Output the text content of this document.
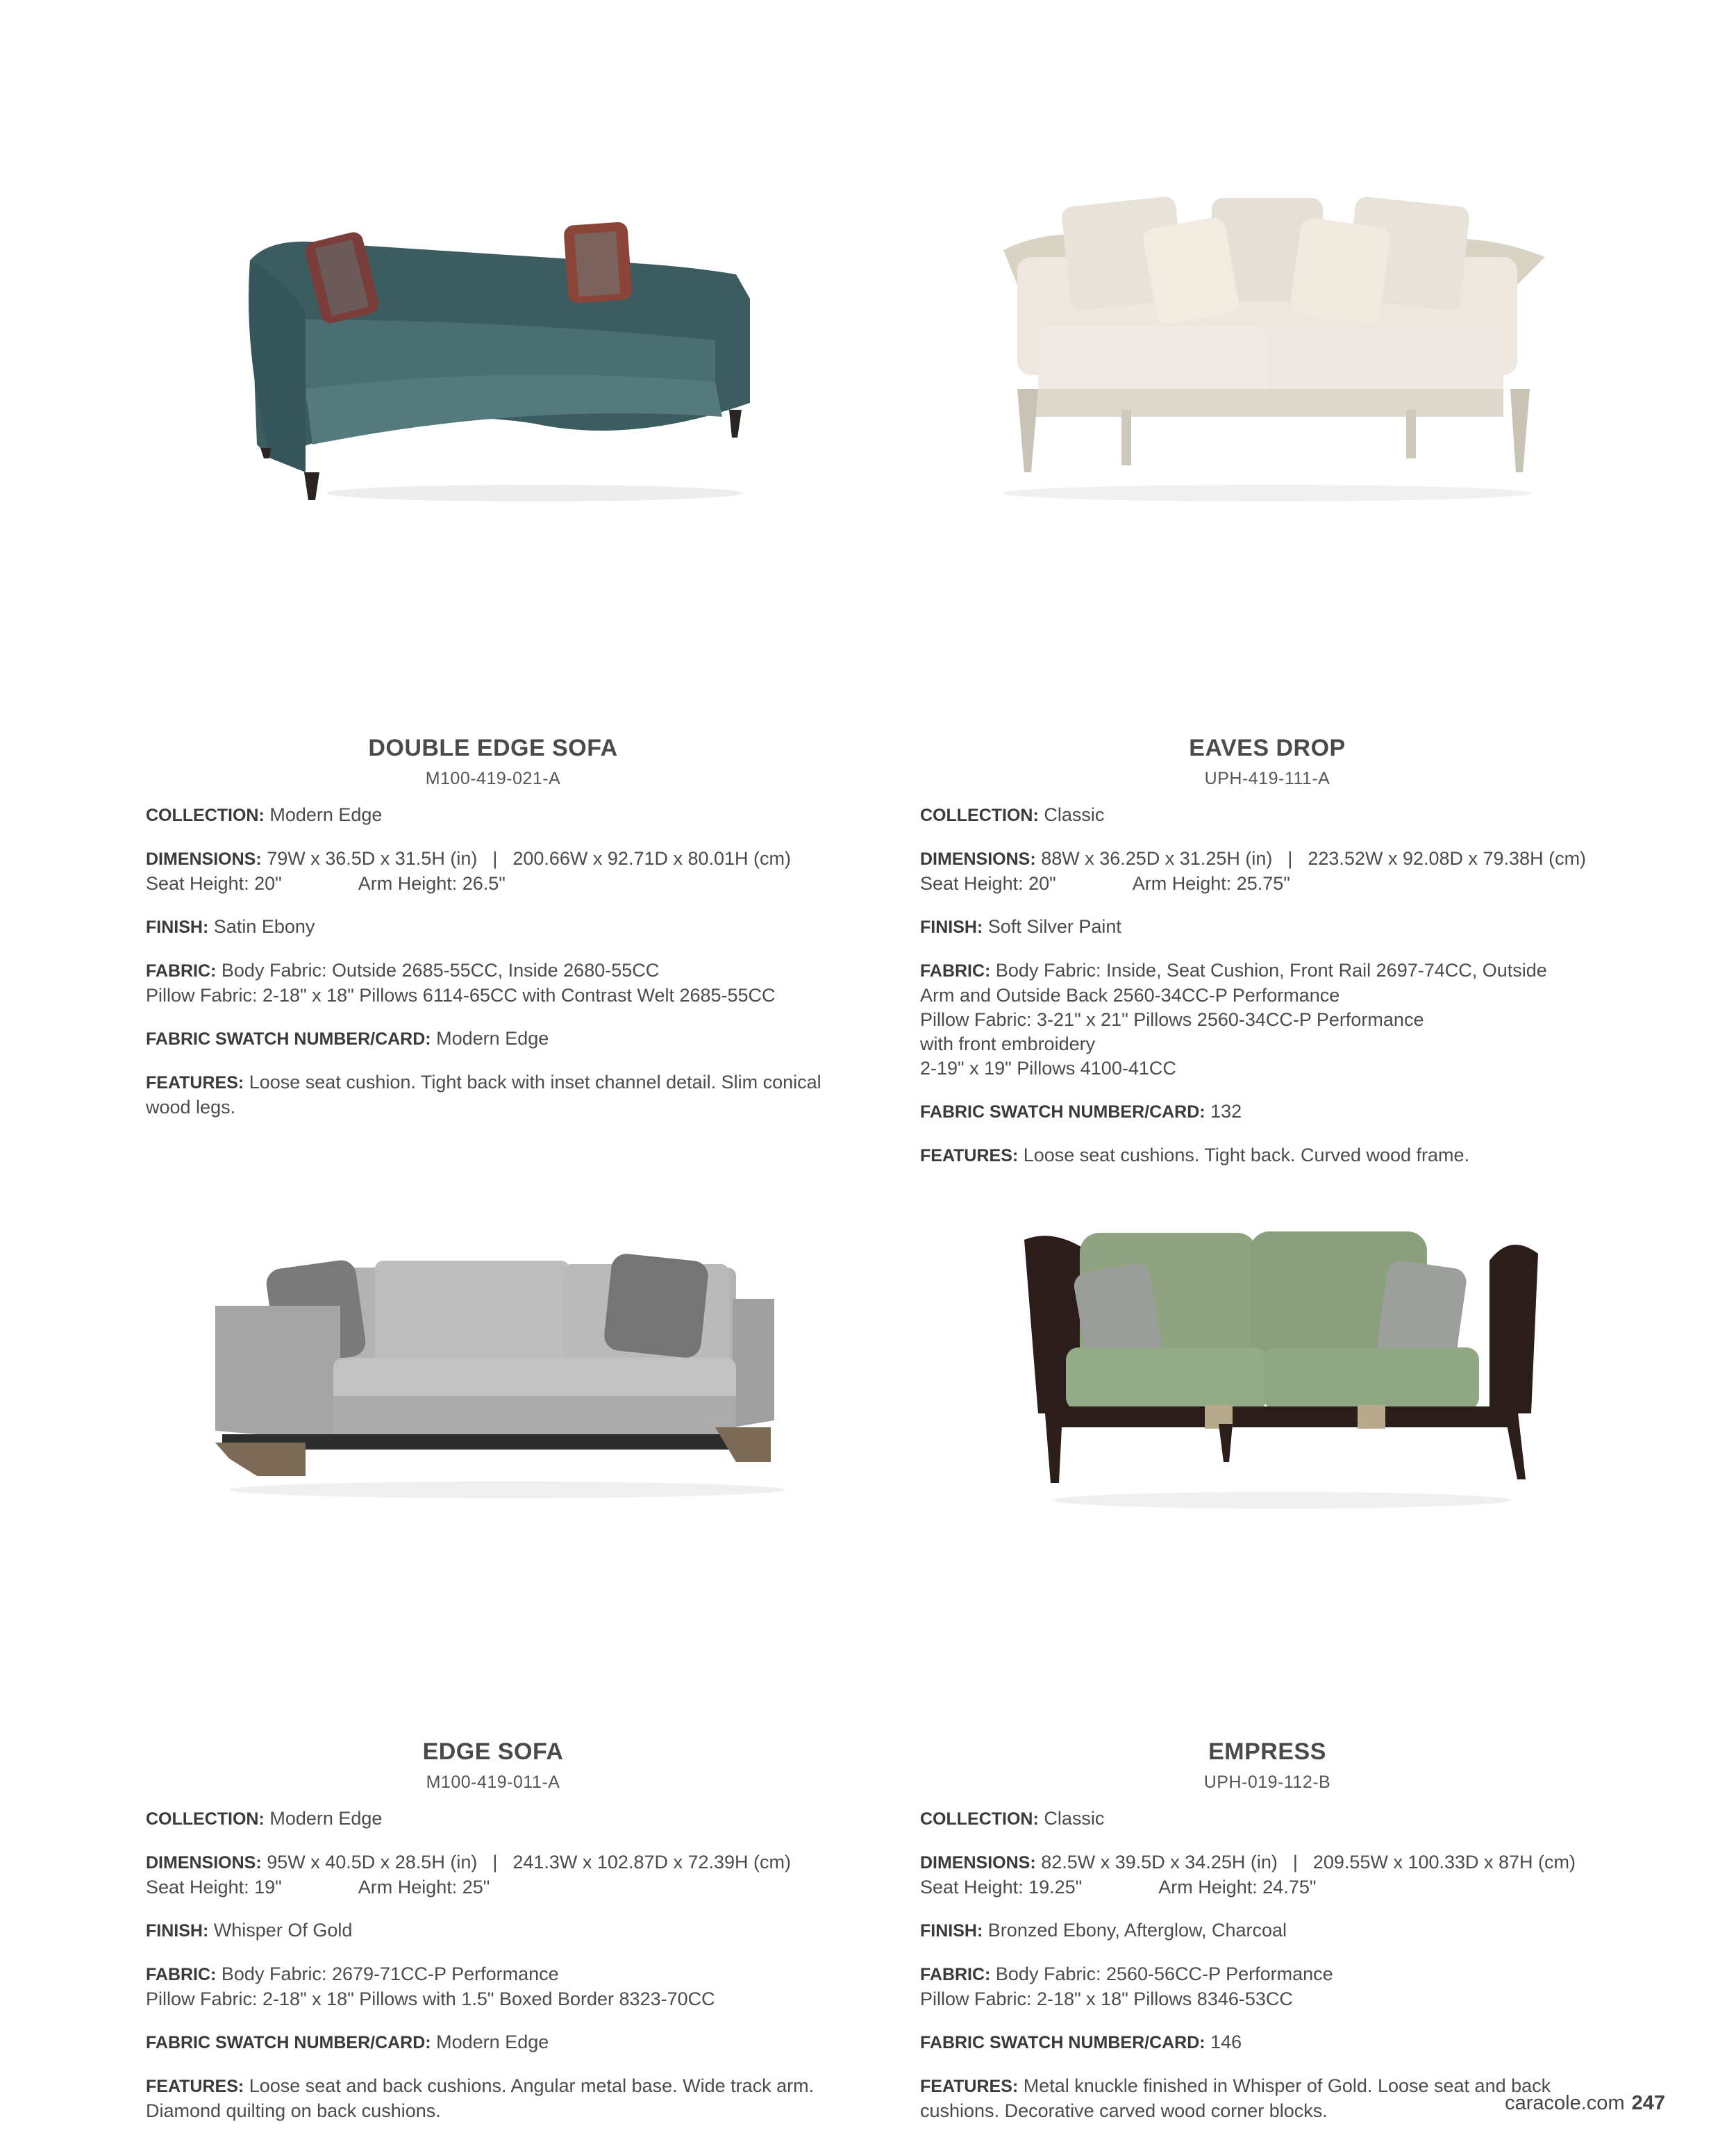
DOUBLE EDGE SOFA
M100-419-021-A

COLLECTION: Modern Edge

DIMENSIONS: 79W x 36.5D x 31.5H (in) | 200.66W x 92.71D x 80.01H (cm)
Seat Height: 20"	Arm Height: 26.5"

FINISH: Satin Ebony

FABRIC: Body Fabric: Outside 2685-55CC, Inside 2680-55CC
Pillow Fabric: 2-18" x 18" Pillows 6114-65CC with Contrast Welt 2685-55CC

FABRIC SWATCH NUMBER/CARD: Modern Edge

FEATURES: Loose seat cushion. Tight back with inset channel detail. Slim conical wood legs.

EAVES DROP
UPH-419-111-A

COLLECTION: Classic

DIMENSIONS: 88W x 36.25D x 31.25H (in) | 223.52W x 92.08D x 79.38H (cm)
Seat Height: 20"	Arm Height: 25.75"

FINISH: Soft Silver Paint

FABRIC: Body Fabric: Inside, Seat Cushion, Front Rail 2697-74CC, Outside
Arm and Outside Back 2560-34CC-P Performance
Pillow Fabric: 3-21" x 21" Pillows 2560-34CC-P Performance
with front embroidery
2-19" x 19" Pillows 4100-41CC

FABRIC SWATCH NUMBER/CARD: 132

FEATURES: Loose seat cushions. Tight back. Curved wood frame.

EDGE SOFA
M100-419-011-A

COLLECTION: Modern Edge

DIMENSIONS: 95W x 40.5D x 28.5H (in) | 241.3W x 102.87D x 72.39H (cm)
Seat Height: 19"	Arm Height: 25"

FINISH: Whisper Of Gold

FABRIC: Body Fabric: 2679-71CC-P Performance
Pillow Fabric: 2-18" x 18" Pillows with 1.5" Boxed Border 8323-70CC

FABRIC SWATCH NUMBER/CARD: Modern Edge

FEATURES: Loose seat and back cushions. Angular metal base. Wide track arm. Diamond quilting on back cushions.

EMPRESS
UPH-019-112-B

COLLECTION: Classic

DIMENSIONS: 82.5W x 39.5D x 34.25H (in) | 209.55W x 100.33D x 87H (cm)
Seat Height: 19.25"	Arm Height: 24.75"

FINISH: Bronzed Ebony, Afterglow, Charcoal

FABRIC: Body Fabric: 2560-56CC-P Performance
Pillow Fabric: 2-18" x 18" Pillows 8346-53CC

FABRIC SWATCH NUMBER/CARD: 146

FEATURES: Metal knuckle finished in Whisper of Gold. Loose seat and back cushions. Decorative carved wood corner blocks.	caracole.com 247
